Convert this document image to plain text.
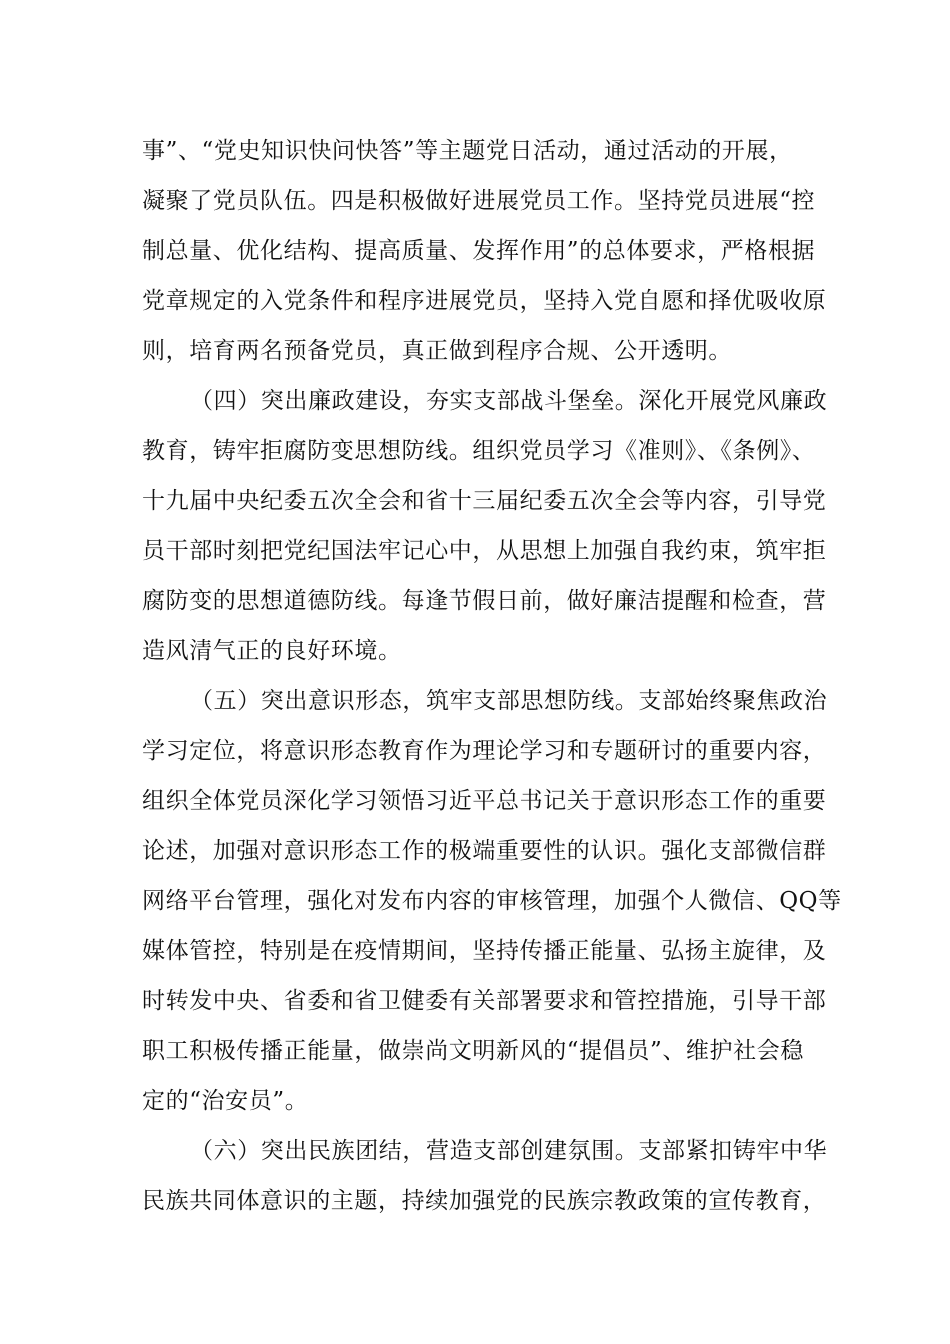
事”、“党史知识快问快答”等主题党日活动，通过活动的开展，
凝聚了党员队伍。四是积极做好进展党员工作。坚持党员进展“控
制总量、优化结构、提高质量、发挥作用”的总体要求，严格根据
党章规定的入党条件和程序进展党员，坚持入党自愿和择优吸收原
则，培育两名预备党员，真正做到程序合规、公开透明。
（四）突出廉政建设，夯实支部战斗堡垒。深化开展党风廉政
教育，铸牢拒腐防变思想防线。组织党员学习《准则》、《条例》、
十九届中央纪委五次全会和省十三届纪委五次全会等内容，引导党
员干部时刻把党纪国法牢记心中，从思想上加强自我约束，筑牢拒
腐防变的思想道德防线。每逢节假日前，做好廉洁提醒和检查，营
造风清气正的良好环境。
（五）突出意识形态，筑牢支部思想防线。支部始终聚焦政治
学习定位，将意识形态教育作为理论学习和专题研讨的重要内容，
组织全体党员深化学习领悟习近平总书记关于意识形态工作的重要
论述，加强对意识形态工作的极端重要性的认识。强化支部微信群
网络平台管理，强化对发布内容的审核管理，加强个人微信、QQ等
媒体管控，特别是在疫情期间，坚持传播正能量、弘扬主旋律，及
时转发中央、省委和省卫健委有关部署要求和管控措施，引导干部
职工积极传播正能量，做崇尚文明新风的“提倡员”、维护社会稳
定的“治安员”。
（六）突出民族团结，营造支部创建氛围。支部紧扣铸牢中华
民族共同体意识的主题，持续加强党的民族宗教政策的宣传教育，
